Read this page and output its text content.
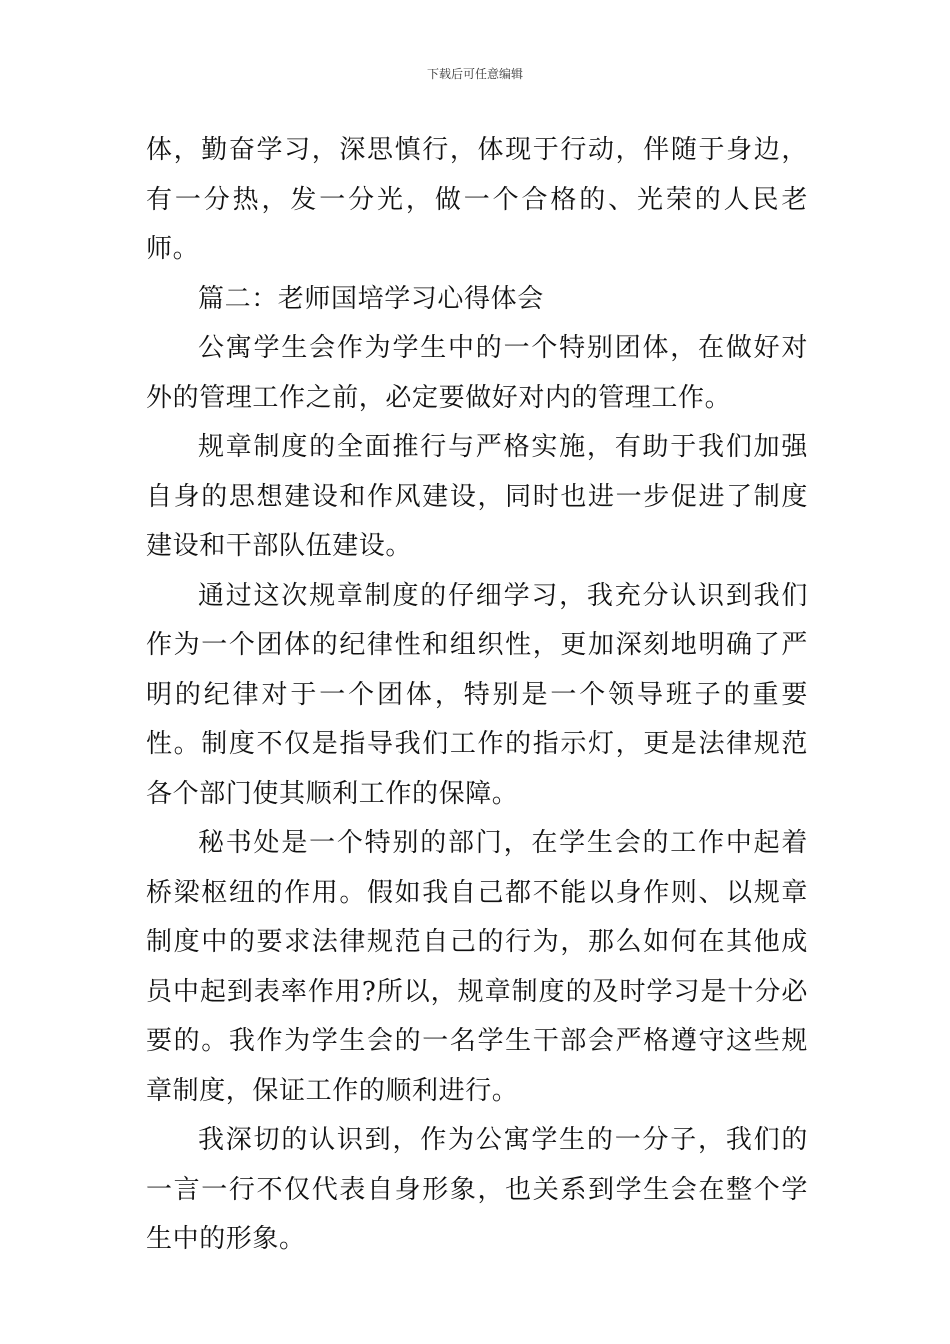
下载后可任意编辑

体，勤奋学习，深思慎行，体现于行动，伴随于身边，有一分热，发一分光，做一个合格的、光荣的人民老师。

篇二：老师国培学习心得体会

公寓学生会作为学生中的一个特别团体，在做好对外的管理工作之前，必定要做好对内的管理工作。

规章制度的全面推行与严格实施，有助于我们加强自身的思想建设和作风建设，同时也进一步促进了制度建设和干部队伍建设。

通过这次规章制度的仔细学习，我充分认识到我们作为一个团体的纪律性和组织性，更加深刻地明确了严明的纪律对于一个团体，特别是一个领导班子的重要性。制度不仅是指导我们工作的指示灯，更是法律规范各个部门使其顺利工作的保障。

秘书处是一个特别的部门，在学生会的工作中起着桥梁枢纽的作用。假如我自己都不能以身作则、以规章制度中的要求法律规范自己的行为，那么如何在其他成员中起到表率作用?所以，规章制度的及时学习是十分必要的。我作为学生会的一名学生干部会严格遵守这些规章制度，保证工作的顺利进行。

我深切的认识到，作为公寓学生的一分子，我们的一言一行不仅代表自身形象，也关系到学生会在整个学生中的形象。
